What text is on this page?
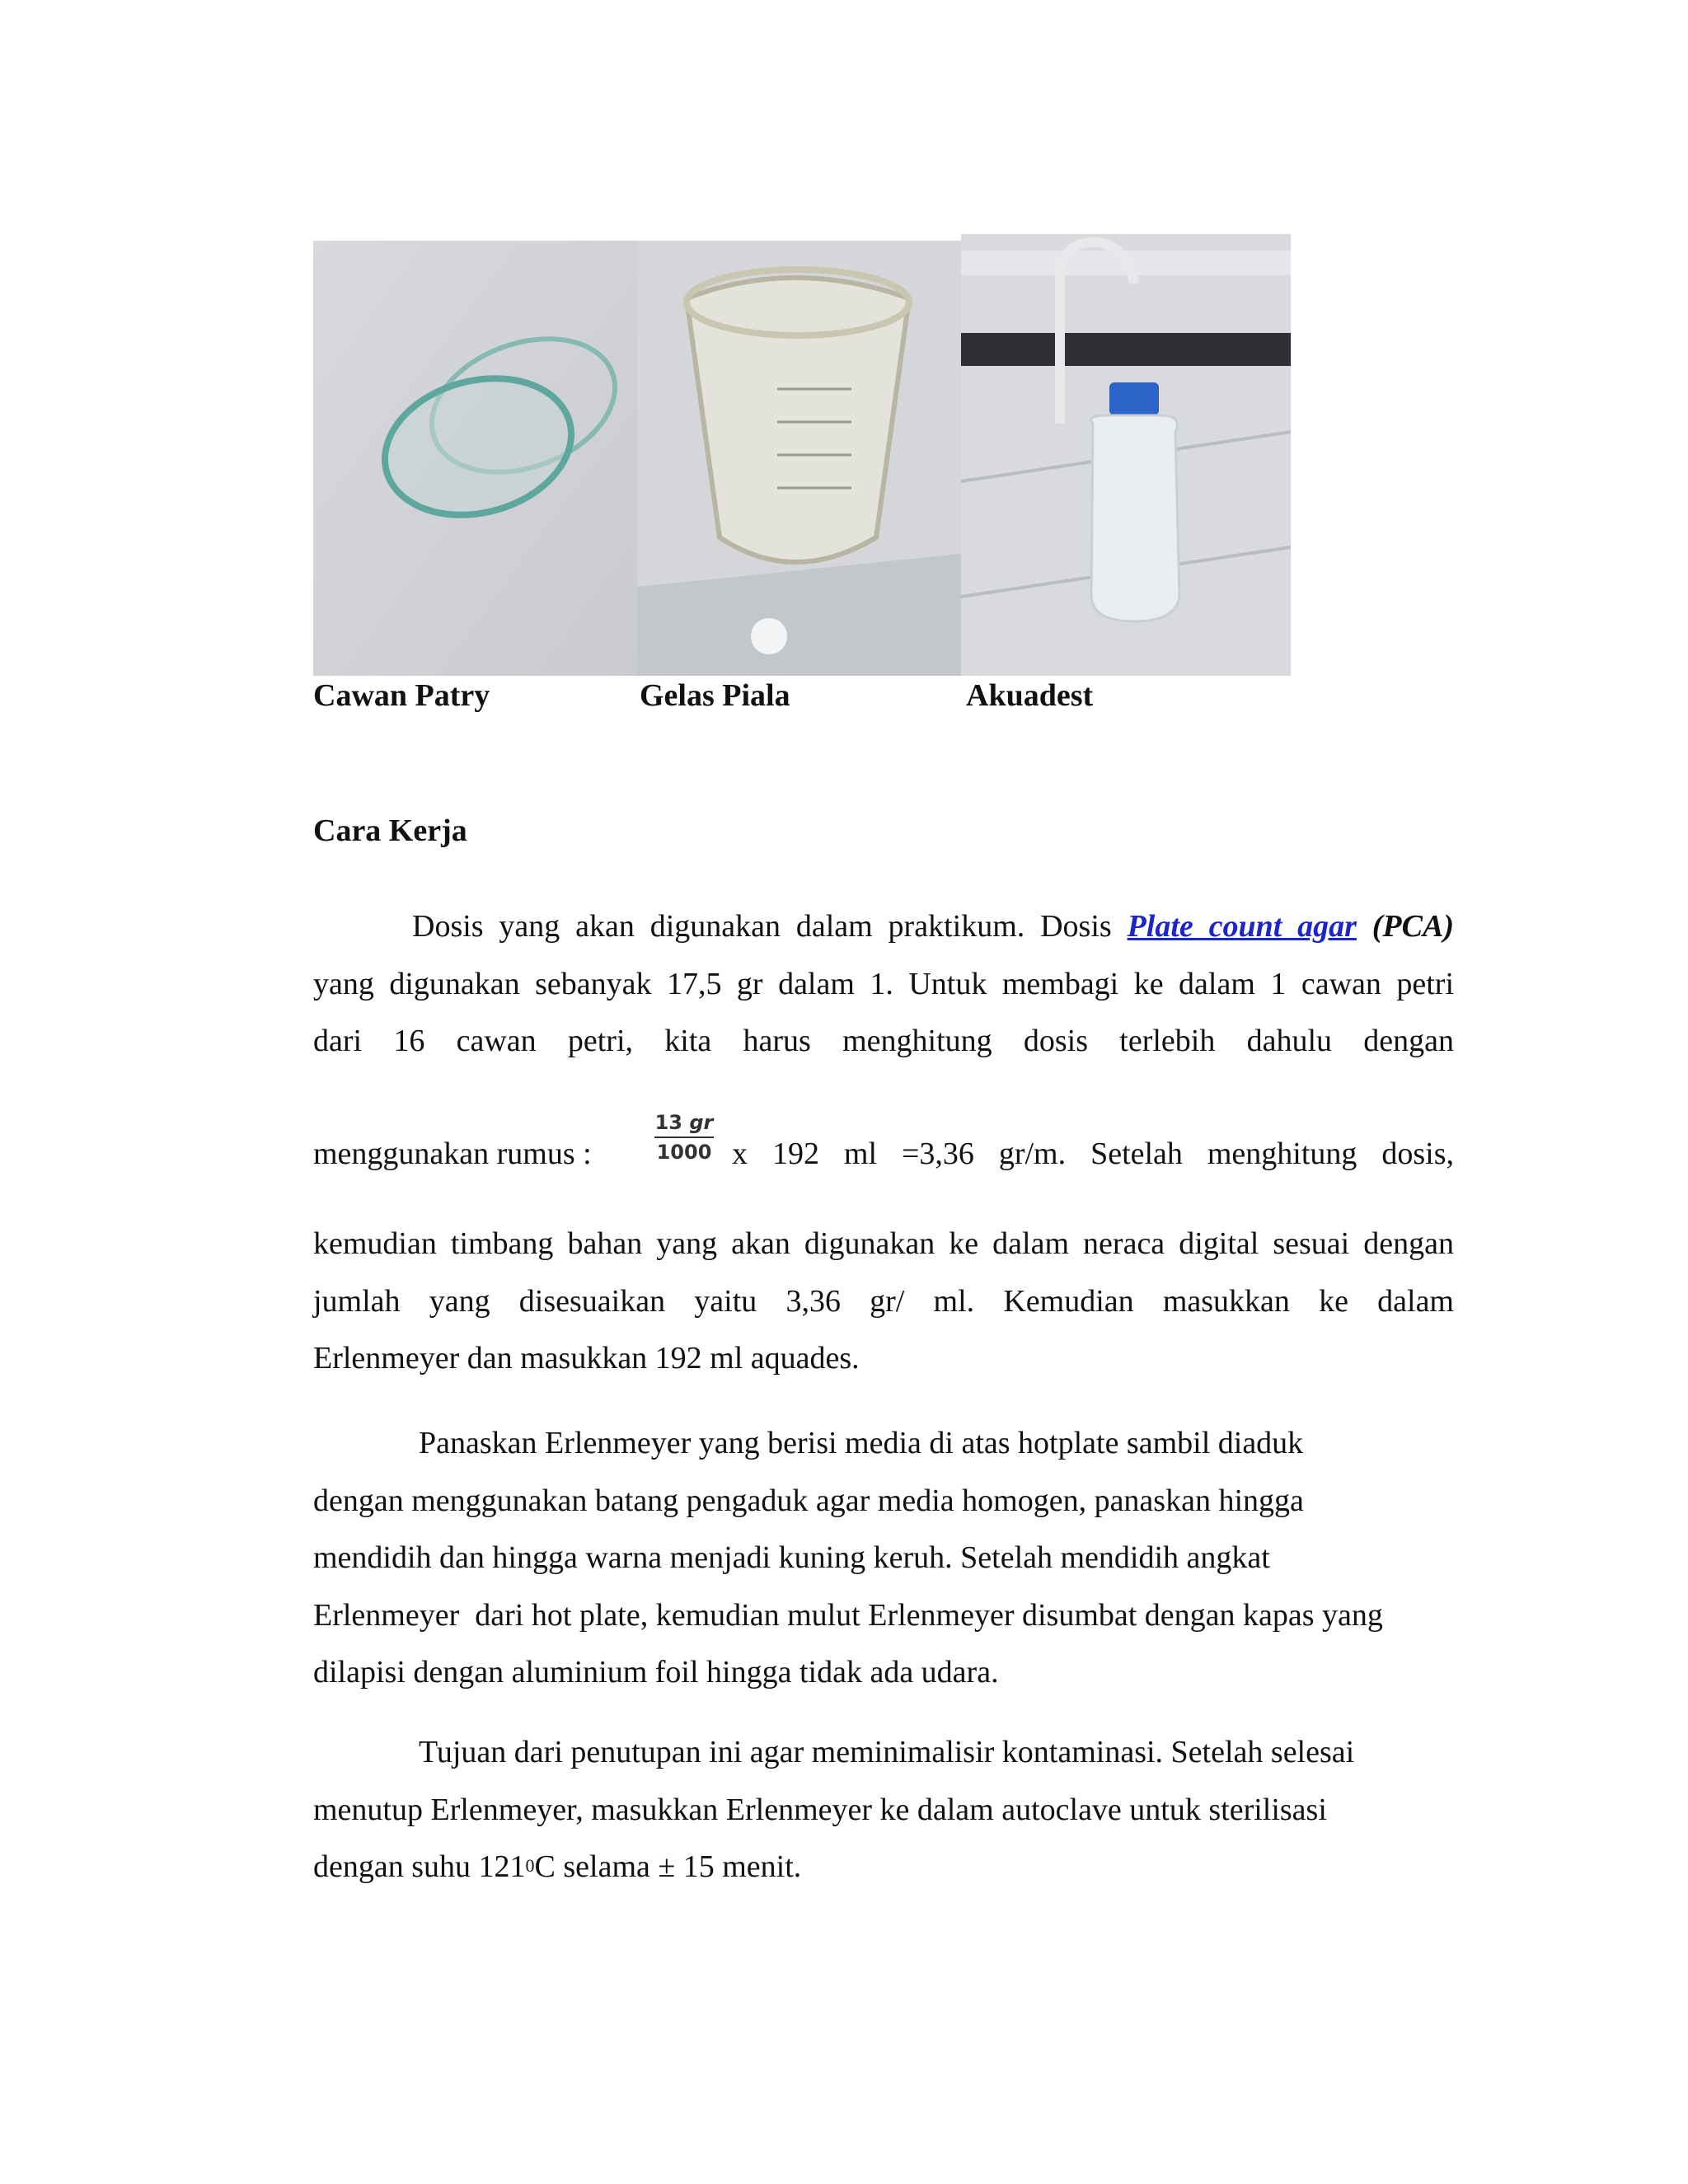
Cawan Patry	Gelas Piala	Akuadest
Cara Kerja
Dosis yang akan digunakan dalam praktikum. Dosis Plate count agar (PCA)
yang digunakan sebanyak 17,5 gr dalam 1. Untuk membagi ke dalam 1 cawan petri
dari 16 cawan petri, kita harus menghitung dosis terlebih dahulu dengan
menggunakan rumus :
13 gr
1000 x 192 ml =3,36 gr/m. Setelah menghitung dosis,
kemudian timbang bahan yang akan digunakan ke dalam neraca digital sesuai dengan
jumlah yang disesuaikan yaitu 3,36 gr/ ml. Kemudian masukkan ke dalam
Erlenmeyer dan masukkan 192 ml aquades.

Panaskan Erlenmeyer yang berisi media di atas hotplate sambil diaduk

dengan menggunakan batang pengaduk agar media homogen, panaskan hingga

mendidih dan hingga warna menjadi kuning keruh. Setelah mendidih angkat

Erlenmeyer  dari hot plate, kemudian mulut Erlenmeyer disumbat dengan kapas yang

dilapisi dengan aluminium foil hingga tidak ada udara.

Tujuan dari penutupan ini agar meminimalisir kontaminasi. Setelah selesai

menutup Erlenmeyer, masukkan Erlenmeyer ke dalam autoclave untuk sterilisasi

dengan suhu $121^0C$ selama ± 15 menit.
